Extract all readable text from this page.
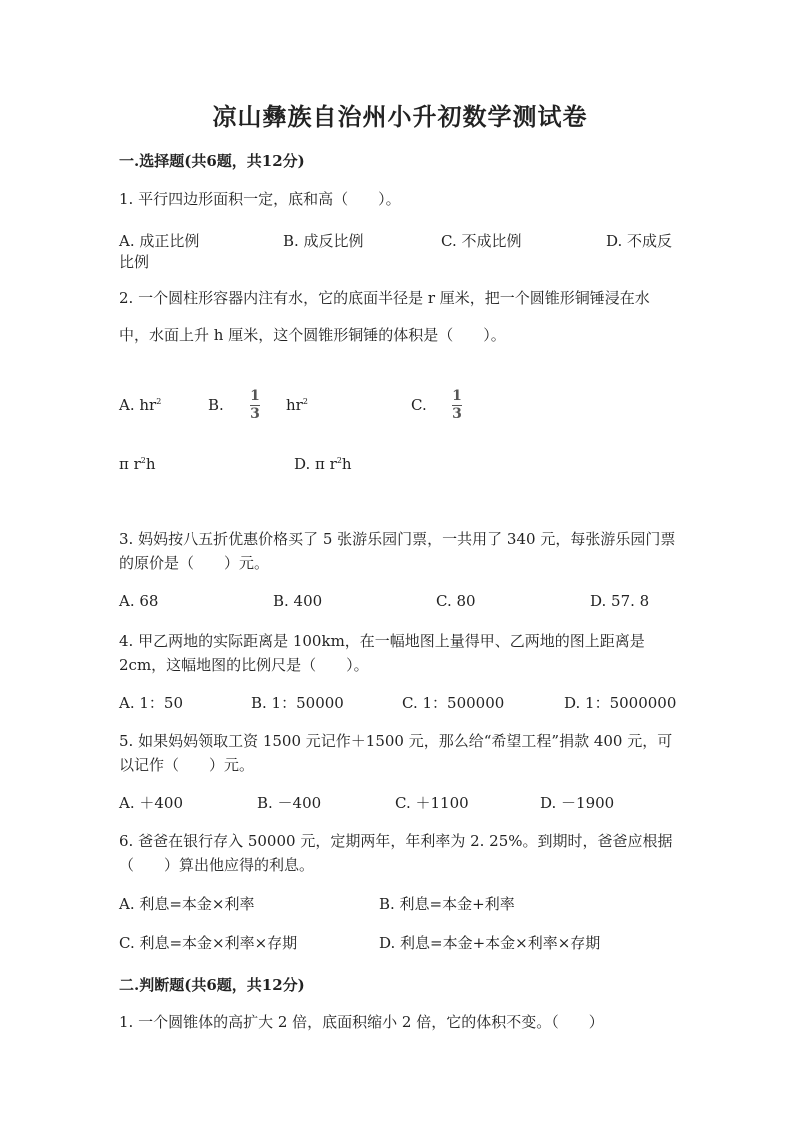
凉山彝族自治州小升初数学测试卷
一.选择题(共6题，共12分)
1. 平行四边形面积一定，底和高（　　）。
A. 成正比例	B. 成反比例	C. 不成比例	D. 不成反
比例
2. 一个圆柱形容器内注有水，它的底面半径是 r 厘米，把一个圆锥形铜锤浸在水中，水面上升 h 厘米，这个圆锥形铜锤的体积是（　　）。
A. $hr^2$	B. 1
3 $hr^2$	C. 1
3
π $r^2h$	D. π $r^2h$
3. 妈妈按八五折优惠价格买了 5 张游乐园门票，一共用了 340 元，每张游乐园门票的原价是（　　）元。
A. 68	B. 400	C. 80	D. 57. 8
4. 甲乙两地的实际距离是 100km，在一幅地图上量得甲、乙两地的图上距离是 2cm，这幅地图的比例尺是（　　）。
A. 1：50	B. 1：50000	C. 1：500000	D. 1：5000000
5. 如果妈妈领取工资 1500 元记作＋1500 元，那么给“希望工程”捐款 400 元，可以记作（　　）元。
A. ＋400	B. －400	C. ＋1100	D. －1900
6. 爸爸在银行存入 50000 元，定期两年，年利率为 2. 25%。到期时，爸爸应根据（　　）算出他应得的利息。
A. 利息=本金×利率	B. 利息=本金+利率
C. 利息=本金×利率×存期	D. 利息=本金+本金×利率×存期
二.判断题(共6题，共12分)
1. 一个圆锥体的高扩大 2 倍，底面积缩小 2 倍，它的体积不变。（　　）
